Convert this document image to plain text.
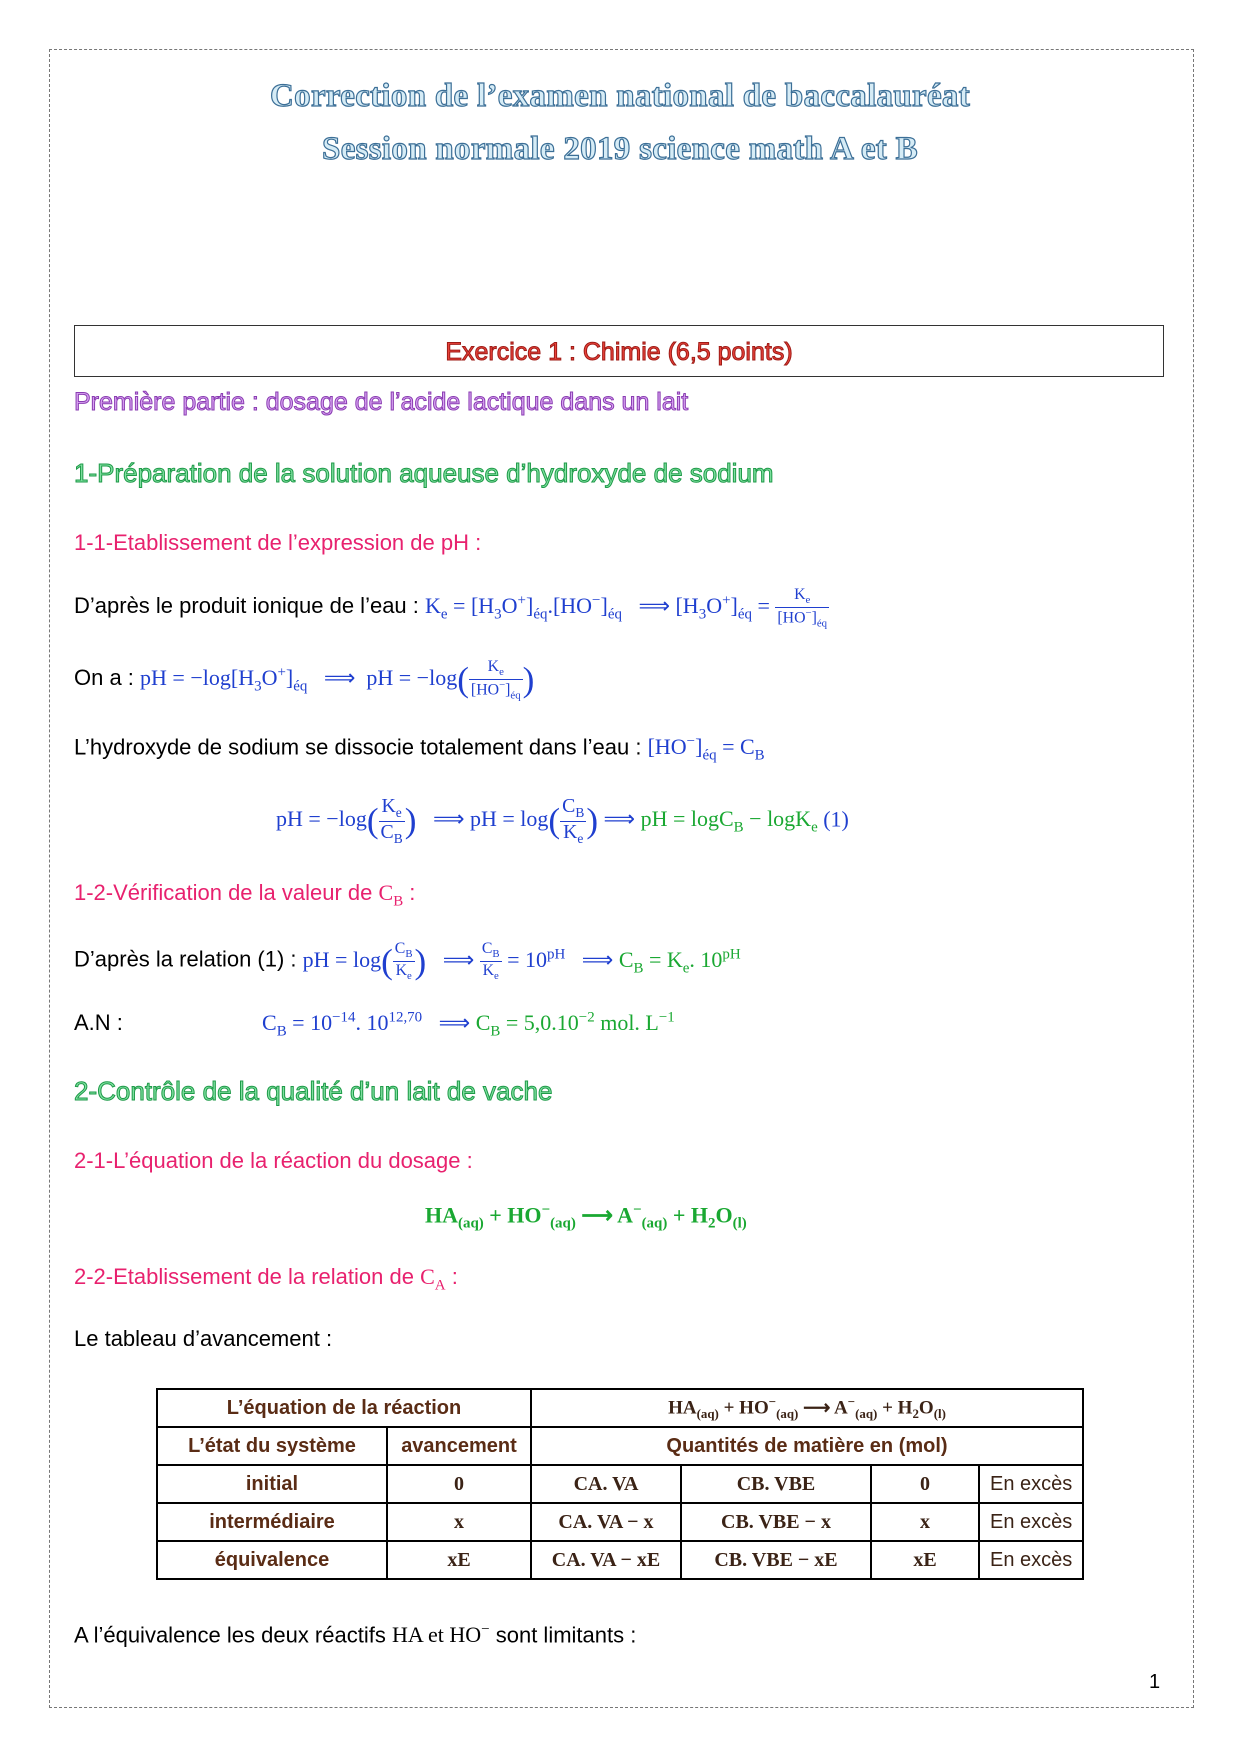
Correction de l’examen national de baccalauréat
Session normale 2019 science math A et B
Exercice 1 : Chimie (6,5 points)
Première partie : dosage de l’acide lactique dans un lait
1-Préparation de la solution aqueuse d’hydroxyde de sodium
1-1-Etablissement de l’expression de pH :
D’après le produit ionique de l’eau : $K_e = [H_3O^+]_{éq}.[HO^-]_{éq}$   ⟹ $[H_3O^+]_{éq} = \frac{K_e}{[HO^-]_{éq}}$
On a : pH = $-\log[H_3O^+]_{éq}$   ⟹  pH = $-\log( \frac{K_e}{[HO^-]_{éq}}$ )
L’hydroxyde de sodium se dissocie totalement dans l’eau : $[HO^-]_{éq} = C_B$
pH = $-\log( \frac{K_e}{C_B}$ )   ⟹ pH = $\log( \frac{C_B}{K_e}$ ) ⟹ pH = logC$_B$ − logK$_e$ (1)
1-2-Vérification de la valeur de $C_B$ :
D’après la relation (1) : pH = $\log( \frac{C_B}{K_e}$ )   ⟹ $\frac{C_B}{K_e} = 10^{pH}$   ⟹ $C_B = K_e$. $10^{pH}$
A.N :	$C_B = 10^{-14}$. 10$^{12,70}$   ⟹ $C_B = 5,0.10^{-2}$ mol. $L^{-1}$
2-Contrôle de la qualité d’un lait de vache
2-1-L’équation de la réaction du dosage :
$HA_{(aq)} + HO^-_{(aq)}$ ⟶ $A^-_{(aq)} + H_2O_{(l)}$
2-2-Etablissement de la relation de $C_A$ :
Le tableau d’avancement :
L’équation de la réaction		$HA_{(aq)} + HO^-_{(aq)}$ ⟶ $A^-_{(aq)} + H_2O_{(l)}$
L’état du système	avancement	Quantités de matière en (mol)			
initial	0	CA. VA	CB. VBE	0	En excès
intermédiaire	x	CA. VA − x	CB. VBE − x	x	En excès
équivalence	xE	CA. VA − xE	CB. VBE − xE	xE	En excès
A l’équivalence les deux réactifs HA et HO− sont limitants :
1
